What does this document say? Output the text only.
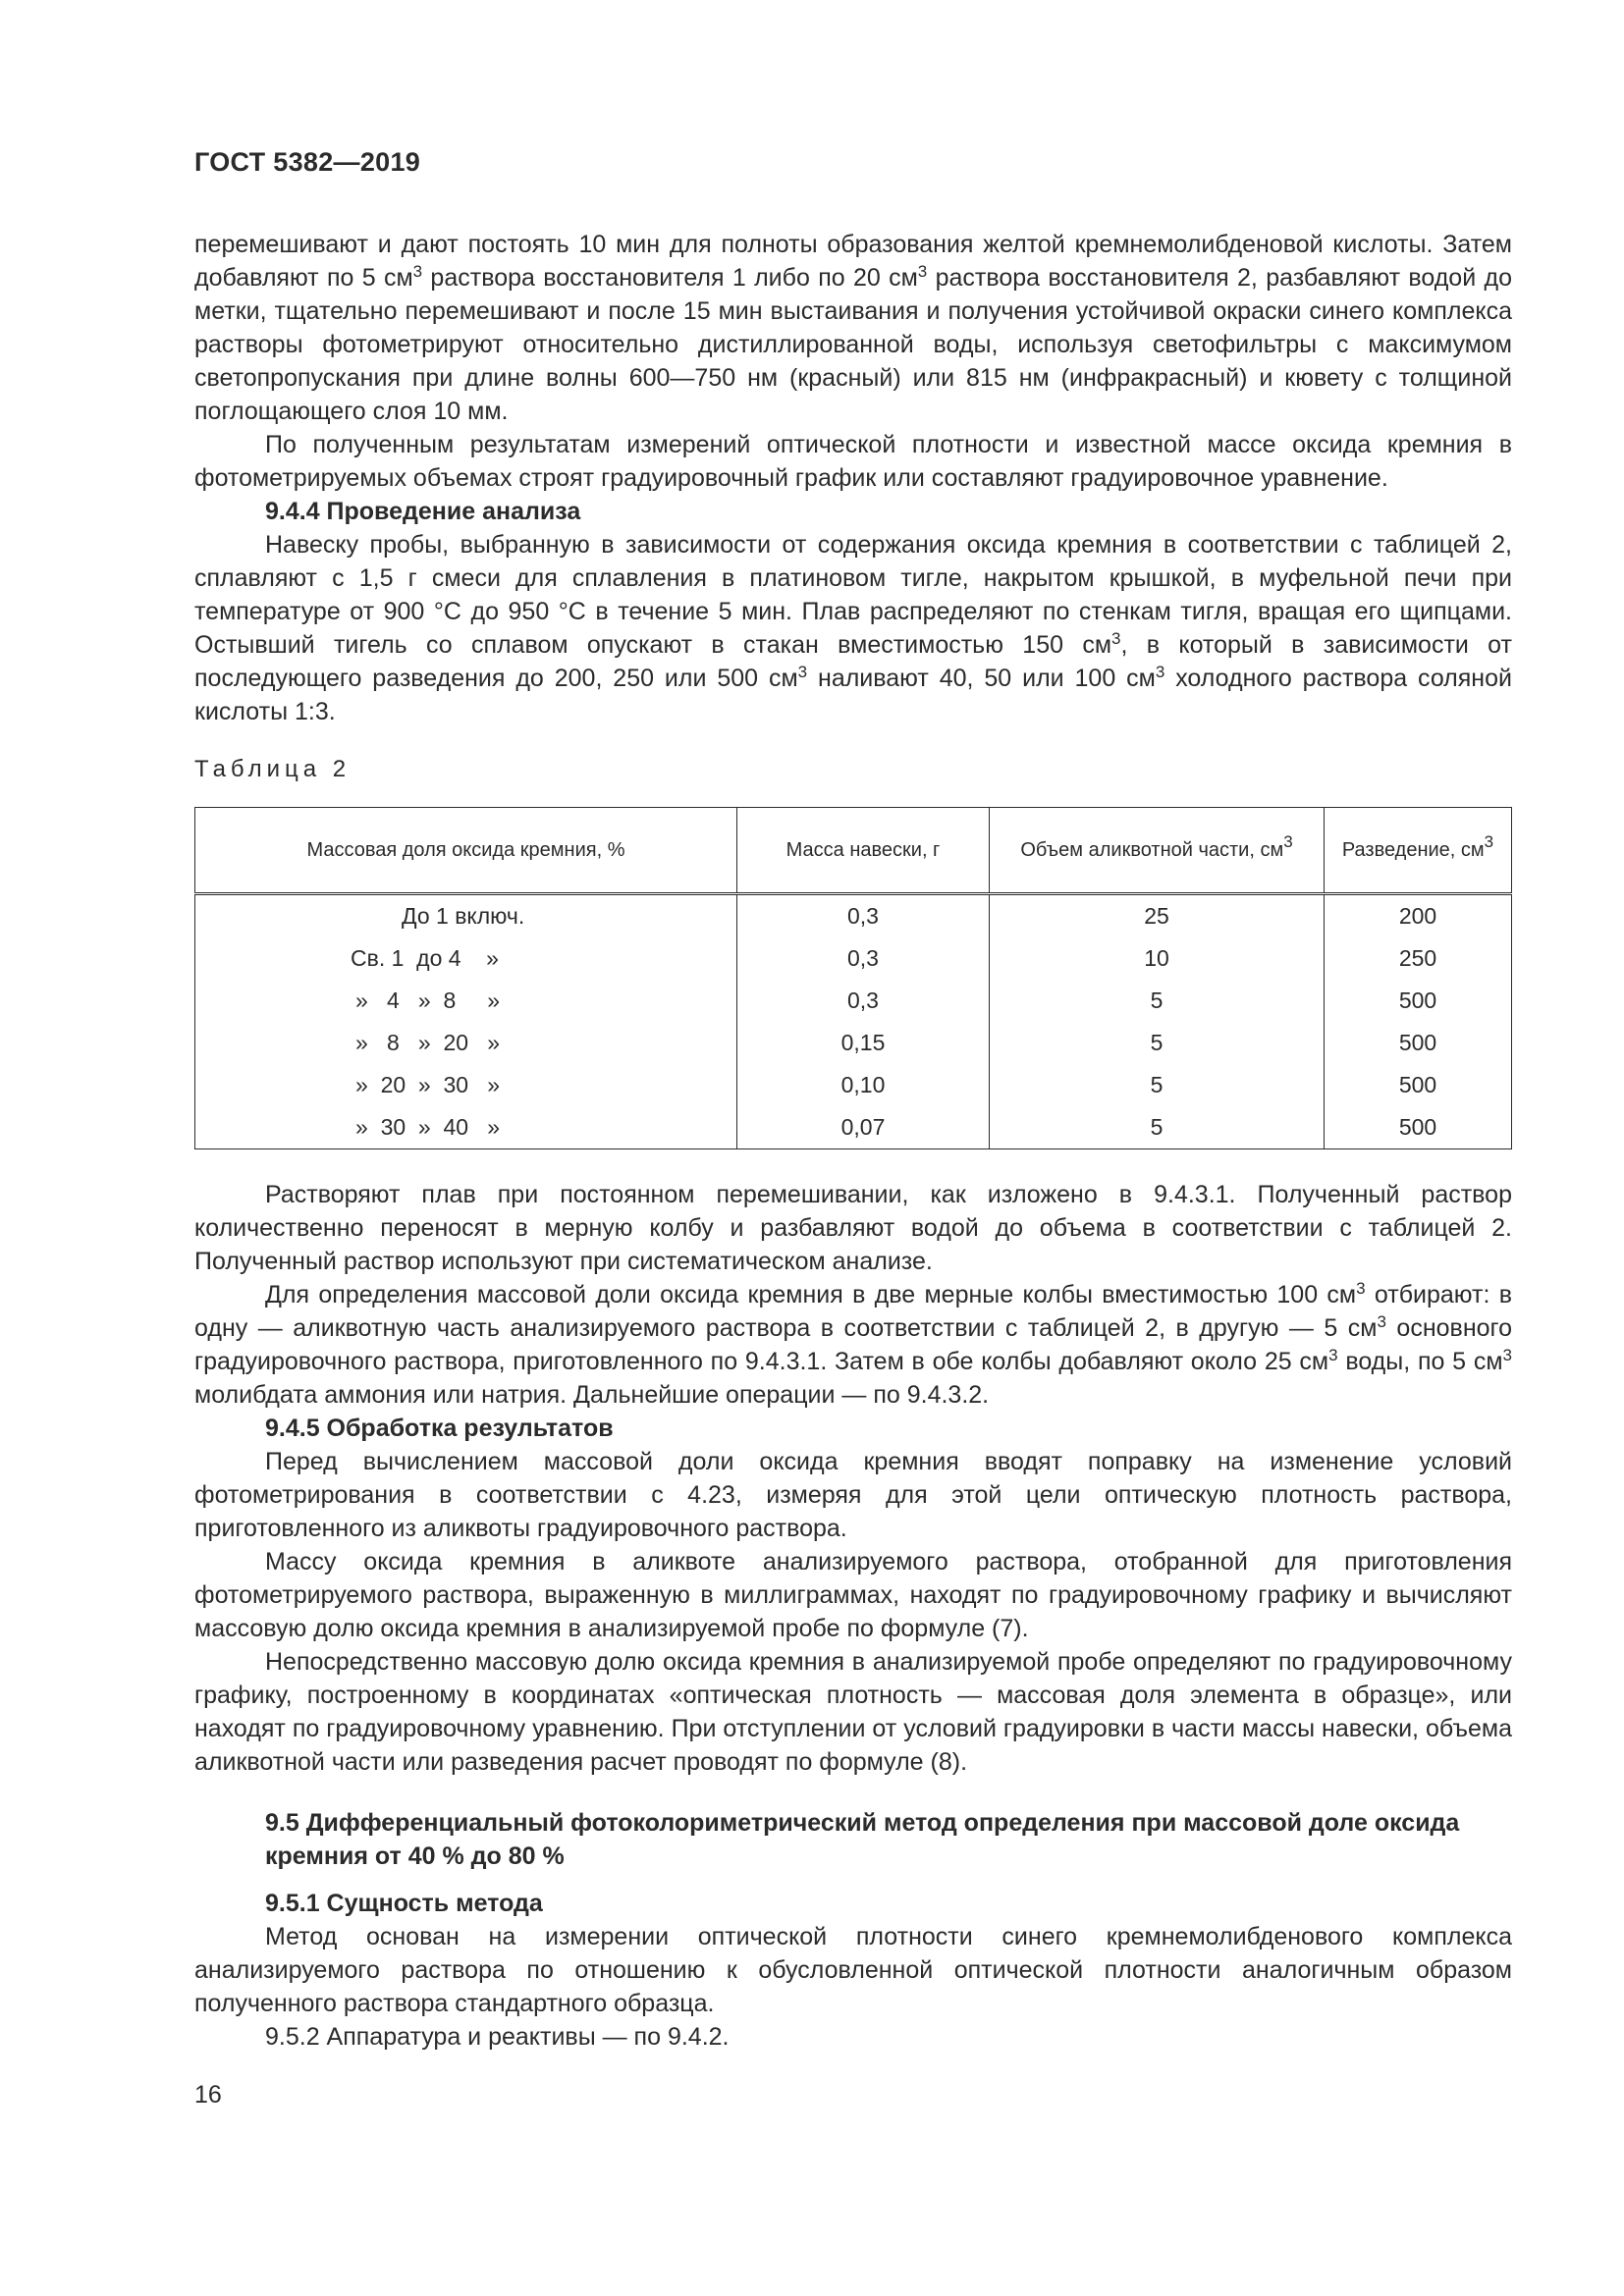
ГОСТ 5382—2019

перемешивают и дают постоять 10 мин для полноты образования желтой кремнемолибденовой кислоты. Затем добавляют по 5 $см^3$ раствора восстановителя 1 либо по 20 $см^3$ раствора восстановителя 2, разбавляют водой до метки, тщательно перемешивают и после 15 мин выстаивания и получения устойчивой окраски синего комплекса растворы фотометрируют относительно дистиллированной воды, используя светофильтры с максимумом светопропускания при длине волны 600—750 нм (красный) или 815 нм (инфракрасный) и кювету с толщиной поглощающего слоя 10 мм.

По полученным результатам измерений оптической плотности и известной массе оксида кремния в фотометрируемых объемах строят градуировочный график или составляют градуировочное уравнение.

9.4.4 Проведение анализа

Навеску пробы, выбранную в зависимости от содержания оксида кремния в соответствии с таблицей 2, сплавляют с 1,5 г смеси для сплавления в платиновом тигле, накрытом крышкой, в муфельной печи при температуре от 900 °С до 950 °С в течение 5 мин. Плав распределяют по стенкам тигля, вращая его щипцами. Остывший тигель со сплавом опускают в стакан вместимостью 150 $см^3$, в который в зависимости от последующего разведения до 200, 250 или 500 $см^3$ наливают 40, 50 или 100 $см^3$ холодного раствора соляной кислоты 1:3.

Таблица 2
Массовая доля оксида кремния, %	Масса навески, г	Объем аликвотной части, $см^3$	Разведение, $см^3$
До 1 включ.	0,3	25	200
Св. 1  до 4    »	0,3	10	250
»   4   »  8     »	0,3	5	500
»   8   »  20   »	0,15	5	500
»  20  »  30   »	0,10	5	500
»  30  »  40   »	0,07	5	500

Растворяют плав при постоянном перемешивании, как изложено в 9.4.3.1. Полученный раствор количественно переносят в мерную колбу и разбавляют водой до объема в соответствии с таблицей 2. Полученный раствор используют при систематическом анализе.

Для определения массовой доли оксида кремния в две мерные колбы вместимостью 100 $см^3$ отбирают: в одну — аликвотную часть анализируемого раствора в соответствии с таблицей 2, в другую — 5 $см^3$ основного градуировочного раствора, приготовленного по 9.4.3.1. Затем в обе колбы добавляют около 25 $см^3$ воды, по 5 $см^3$ молибдата аммония или натрия. Дальнейшие операции — по 9.4.3.2.

9.4.5 Обработка результатов

Перед вычислением массовой доли оксида кремния вводят поправку на изменение условий фотометрирования в соответствии с 4.23, измеряя для этой цели оптическую плотность раствора, приготовленного из аликвоты градуировочного раствора.

Массу оксида кремния в аликвоте анализируемого раствора, отобранной для приготовления фотометрируемого раствора, выраженную в миллиграммах, находят по градуировочному графику и вычисляют массовую долю оксида кремния в анализируемой пробе по формуле (7).

Непосредственно массовую долю оксида кремния в анализируемой пробе определяют по градуировочному графику, построенному в координатах «оптическая плотность — массовая доля элемента в образце», или находят по градуировочному уравнению. При отступлении от условий градуировки в части массы навески, объема аликвотной части или разведения расчет проводят по формуле (8).

9.5 Дифференциальный фотоколориметрический метод определения при массовой доле оксида кремния от 40 % до 80 %

9.5.1 Сущность метода

Метод основан на измерении оптической плотности синего кремнемолибденового комплекса анализируемого раствора по отношению к обусловленной оптической плотности аналогичным образом полученного раствора стандартного образца.

9.5.2 Аппаратура и реактивы — по 9.4.2.

16
